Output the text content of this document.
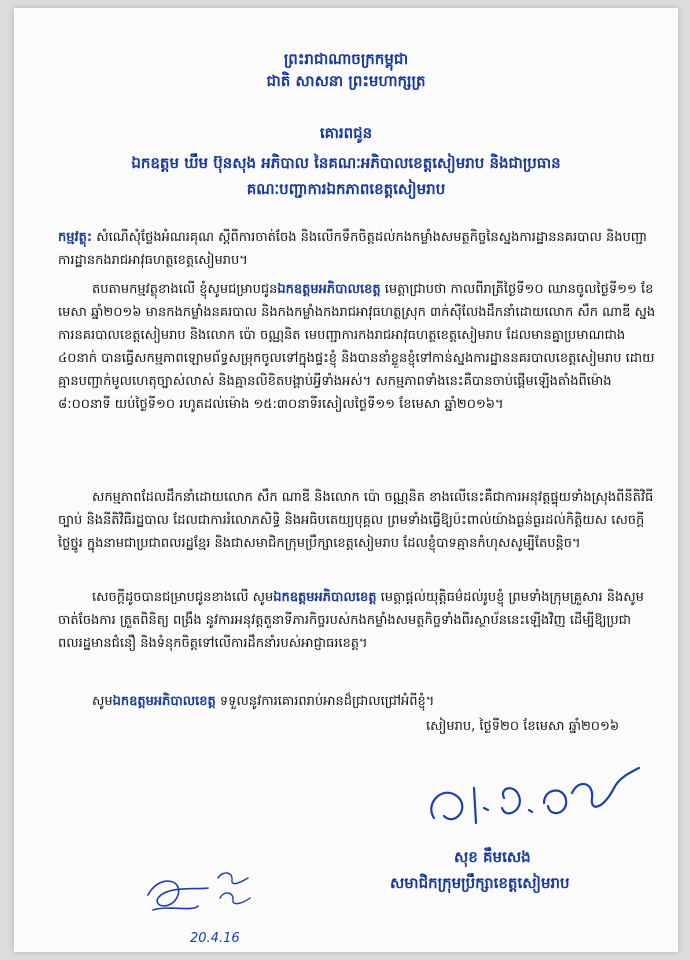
ព្រះរាជាណាចក្រកម្ពុជា
ជាតិ សាសនា ព្រះមហាក្សត្រ
គោរពជូន
ឯកឧត្តម ឃឹម ប៊ុនសុង អភិបាល នៃគណៈអភិបាលខេត្តសៀមរាប និងជាប្រធាន
គណៈបញ្ជាការឯកភាពខេត្តសៀមរាប
កម្មវត្ថុ: សំណើសុំថ្លែងអំណរគុណ ស្តីពីការចាត់ចែង និងលើកទឹកចិត្តដល់កងកម្លាំងសមត្ថកិច្ចនៃស្នងការដ្ឋាននគរបាល និងបញ្ជាការដ្ឋានកងរាជអាវុធហត្ថខេត្តសៀមរាប។
តបតាមកម្មវត្ថុខាងលើ ខ្ញុំសូមជម្រាបជូនឯកឧត្តមអភិបាលខេត្ត មេត្តាជ្រាបថា កាលពីរាត្រីថ្ងៃទី១០ ឈានចូលថ្ងៃទី១១ ខែមេសា ឆ្នាំ២០១៦ មានកងកម្លាំងនគរបាល និងកងកម្លាំងកងរាជអាវុធហត្ថស្រុក ៣ក់ស៊ីលែងដឹកនាំដោយលោក សឹក ណាឌី ស្នងការនគរបាលខេត្តសៀមរាប និងលោក ប៉ោ ចណ្ណនិត មេបញ្ជាការកងរាជអាវុធហត្ថខេត្តសៀមរាប ដែលមានគ្នាប្រមាណជាង ៤០នាក់ បានធ្វើសកម្មភាពឡោមព័ទ្ធសម្រុកចូលទៅក្នុងផ្ទះខ្ញុំ និងបាននាំខ្លួនខ្ញុំទៅកាន់ស្នងការដ្ឋាននគរបាលខេត្តសៀមរាប ដោយគ្មានបញ្ជាក់មូលហេតុច្បាស់លាស់ និងគ្មានលិខិតបង្គាប់អ្វីទាំងអស់។ សកម្មភាពទាំងនេះគឺបានចាប់ផ្តើមឡើងតាំងពីម៉ោង ៨:០០នាទី យប់ថ្ងៃទី១០ រហូតដល់ម៉ោង ១៥:៣០នាទីរសៀលថ្ងៃទី១១ ខែមេសា ឆ្នាំ២០១៦។
សកម្មភាពដែលដឹកនាំដោយលោក សឹក ណាឌី និងលោក ប៉ោ ចណ្ណនិត ខាងលើនេះគឺជាការអនុវត្តផ្ទុយទាំងស្រុងពីនីតិវិធីច្បាប់ និងនីតិវិធីរដ្ឋបាល ដែលជាការរំលោភសិទ្ធិ និងអធិបតេយ្យបុគ្គល ព្រមទាំងធ្វើឱ្យប៉ះពាល់យ៉ាងធ្ងន់ធ្ងរដល់កិត្តិយស សេចក្តីថ្លៃថ្នូរ ក្នុងនាមជាប្រជាពលរដ្ឋខ្មែរ និងជាសមាជិកក្រុមប្រឹក្សាខេត្តសៀមរាប ដែលខ្ញុំបាទគ្មានកំហុសសូម្បីតែបន្តិច។
សេចក្តីដូចបានជម្រាបជូនខាងលើ សូមឯកឧត្តមអភិបាលខេត្ត មេត្តាផ្តល់យុត្តិធម៌ដល់រូបខ្ញុំ ព្រមទាំងក្រុមគ្រួសារ និងសូមចាត់ចែងការ ត្រួតពិនិត្យ ពង្រឹង នូវការអនុវត្តតួនាទីភារកិច្ចរបស់កងកម្លាំងសមត្ថកិច្ចទាំងពីរស្ថាប័ននេះឡើងវិញ ដើម្បីឱ្យប្រជាពលរដ្ឋមានជំនឿ និងទំនុកចិត្តទៅលើការដឹកនាំរបស់អាជ្ញាធរខេត្ត។
សូមឯកឧត្តមអភិបាលខេត្ត ទទួលនូវការគោរពរាប់អានដ៏ជ្រាលជ្រៅអំពីខ្ញុំ។
សៀមរាប, ថ្ងៃទី២០ ខែមេសា ឆ្នាំ២០១៦
សុខ គឹមសេង
សមាជិកក្រុមប្រឹក្សាខេត្តសៀមរាប
20.4.16
